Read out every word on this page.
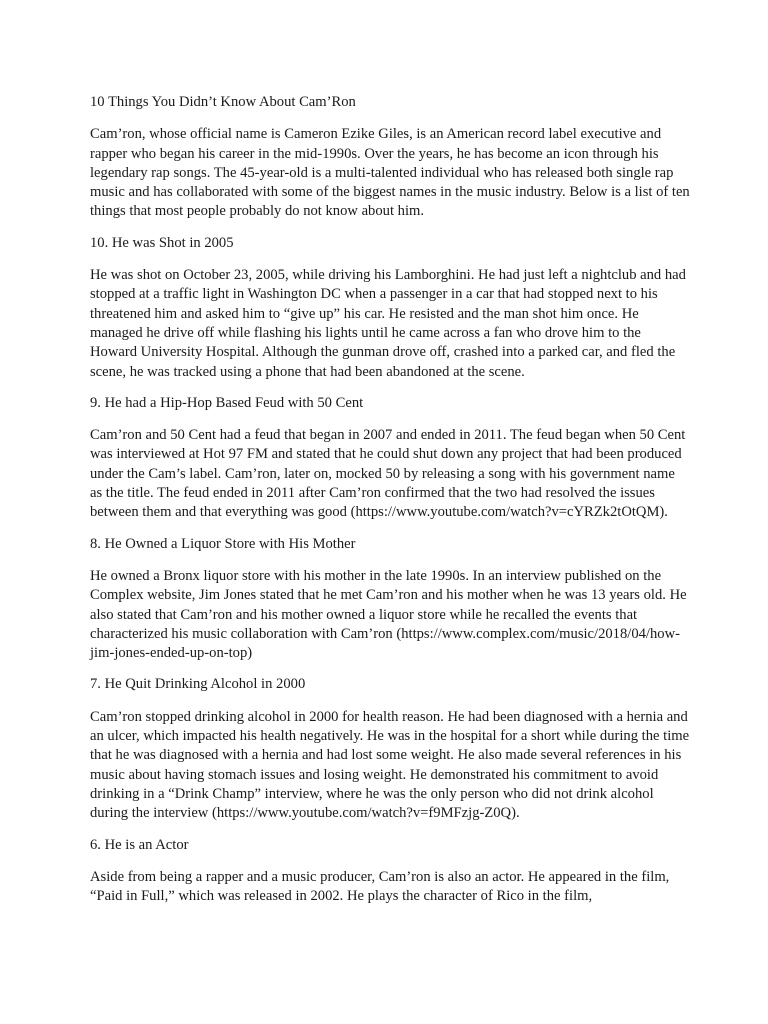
10 Things You Didn’t Know About Cam’Ron

Cam’ron, whose official name is Cameron Ezike Giles, is an American record label executive and rapper who began his career in the mid-1990s. Over the years, he has become an icon through his legendary rap songs. The 45-year-old is a multi-talented individual who has released both single rap music and has collaborated with some of the biggest names in the music industry. Below is a list of ten things that most people probably do not know about him.

10. He was Shot in 2005

He was shot on October 23, 2005, while driving his Lamborghini. He had just left a nightclub and had stopped at a traffic light in Washington DC when a passenger in a car that had stopped next to his threatened him and asked him to “give up” his car. He resisted and the man shot him once. He managed he drive off while flashing his lights until he came across a fan who drove him to the Howard University Hospital. Although the gunman drove off, crashed into a parked car, and fled the scene, he was tracked using a phone that had been abandoned at the scene.

9. He had a Hip-Hop Based Feud with 50 Cent

Cam’ron and 50 Cent had a feud that began in 2007 and ended in 2011. The feud began when 50 Cent was interviewed at Hot 97 FM and stated that he could shut down any project that had been produced under the Cam’s label. Cam’ron, later on, mocked 50 by releasing a song with his government name as the title. The feud ended in 2011 after Cam’ron confirmed that the two had resolved the issues between them and that everything was good (https://www.youtube.com/watch?v=cYRZk2tOtQM).

8. He Owned a Liquor Store with His Mother

He owned a Bronx liquor store with his mother in the late 1990s. In an interview published on the Complex website, Jim Jones stated that he met Cam’ron and his mother when he was 13 years old. He also stated that Cam’ron and his mother owned a liquor store while he recalled the events that characterized his music collaboration with Cam’ron (https://www.complex.com/music/2018/04/how-jim-jones-ended-up-on-top)

7. He Quit Drinking Alcohol in 2000

Cam’ron stopped drinking alcohol in 2000 for health reason. He had been diagnosed with a hernia and an ulcer, which impacted his health negatively. He was in the hospital for a short while during the time that he was diagnosed with a hernia and had lost some weight. He also made several references in his music about having stomach issues and losing weight. He demonstrated his commitment to avoid drinking in a “Drink Champ” interview, where he was the only person who did not drink alcohol during the interview (https://www.youtube.com/watch?v=f9MFzjg-Z0Q).

6. He is an Actor

Aside from being a rapper and a music producer, Cam’ron is also an actor. He appeared in the film, “Paid in Full,” which was released in 2002. He plays the character of Rico in the film,
